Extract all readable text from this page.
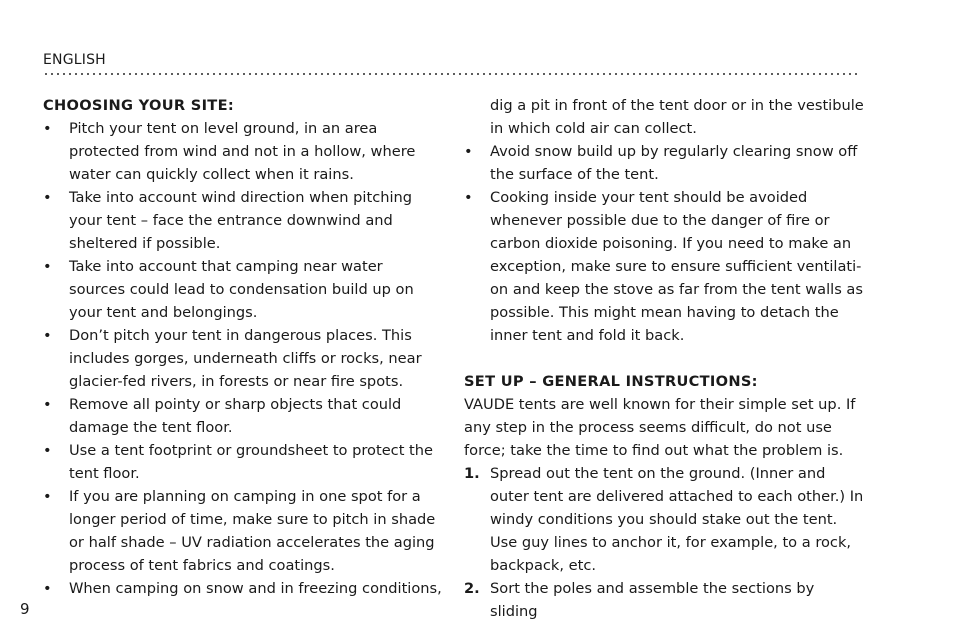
ENGLISH
CHOOSING YOUR SITE:
• Pitch your tent on level ground, in an area protected from wind and not in a hollow, where water can quickly collect when it rains.
• Take into account wind direction when pitching your tent – face the entrance downwind and sheltered if possible.
• Take into account that camping near water sources could lead to condensation build up on your tent and belongings.
• Don’t pitch your tent in dangerous places. This includes gorges, underneath cliffs or rocks, near glacier-fed rivers, in forests or near fire spots.
• Remove all pointy or sharp objects that could damage the tent floor.
• Use a tent footprint or groundsheet to protect the tent floor.
• If you are planning on camping in one spot for a longer period of time, make sure to pitch in shade or half shade – UV radiation accelerates the aging process of tent fabrics and coatings.
• When camping on snow and in freezing conditions,
dig a pit in front of the tent door or in the vestibule in which cold air can collect.
• Avoid snow build up by regularly clearing snow off the surface of the tent.
• Cooking inside your tent should be avoided whenever possible due to the danger of fire or carbon dioxide poisoning. If you need to make an exception, make sure to ensure sufficient ventilati-on and keep the stove as far from the tent walls as possible. This might mean having to detach the inner tent and fold it back.
SET UP – GENERAL INSTRUCTIONS:
VAUDE tents are well known for their simple set up. If any step in the process seems difficult, do not use force; take the time to find out what the problem is.
1. Spread out the tent on the ground. (Inner and outer tent are delivered attached to each other.) In windy conditions you should stake out the tent. Use guy lines to anchor it, for example, to a rock, backpack, etc.
2. Sort the poles and assemble the sections by sliding
9
